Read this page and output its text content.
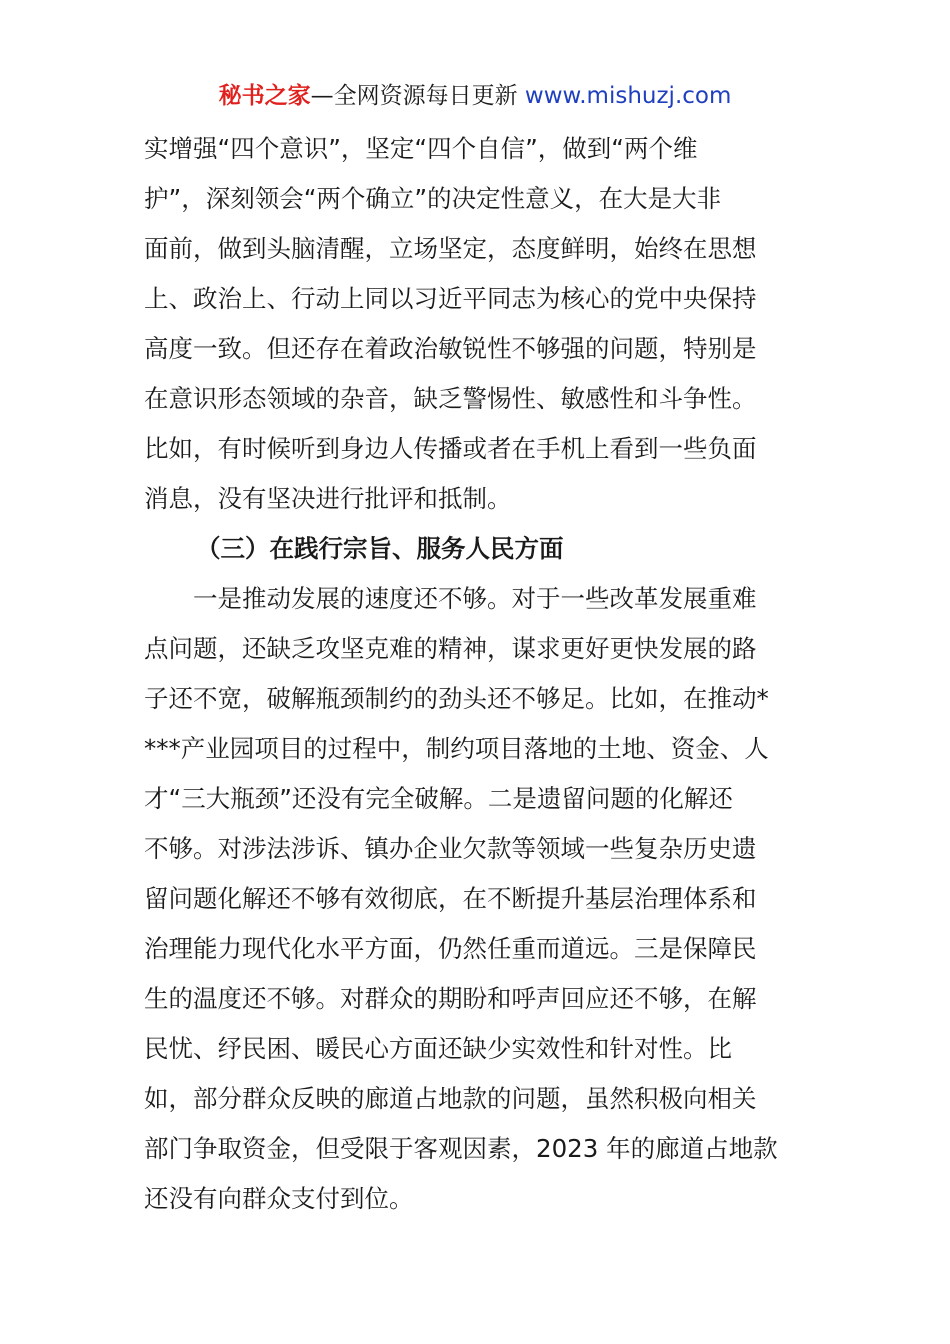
秘书之家—全网资源每日更新 www.mishuzj.com
实增强“四个意识”，坚定“四个自信”，做到“两个维
护”，深刻领会“两个确立”的决定性意义，在大是大非
面前，做到头脑清醒，立场坚定，态度鲜明，始终在思想
上、政治上、行动上同以习近平同志为核心的党中央保持
高度一致。但还存在着政治敏锐性不够强的问题，特别是
在意识形态领域的杂音，缺乏警惕性、敏感性和斗争性。
比如，有时候听到身边人传播或者在手机上看到一些负面
消息，没有坚决进行批评和抵制。
（三）在践行宗旨、服务人民方面
一是推动发展的速度还不够。对于一些改革发展重难
点问题，还缺乏攻坚克难的精神，谋求更好更快发展的路
子还不宽，破解瓶颈制约的劲头还不够足。比如，在推动*
***产业园项目的过程中，制约项目落地的土地、资金、人
才“三大瓶颈”还没有完全破解。二是遗留问题的化解还
不够。对涉法涉诉、镇办企业欠款等领域一些复杂历史遗
留问题化解还不够有效彻底，在不断提升基层治理体系和
治理能力现代化水平方面，仍然任重而道远。三是保障民
生的温度还不够。对群众的期盼和呼声回应还不够，在解
民忧、纾民困、暖民心方面还缺少实效性和针对性。比
如，部分群众反映的廊道占地款的问题，虽然积极向相关
部门争取资金，但受限于客观因素，2023 年的廊道占地款
还没有向群众支付到位。
